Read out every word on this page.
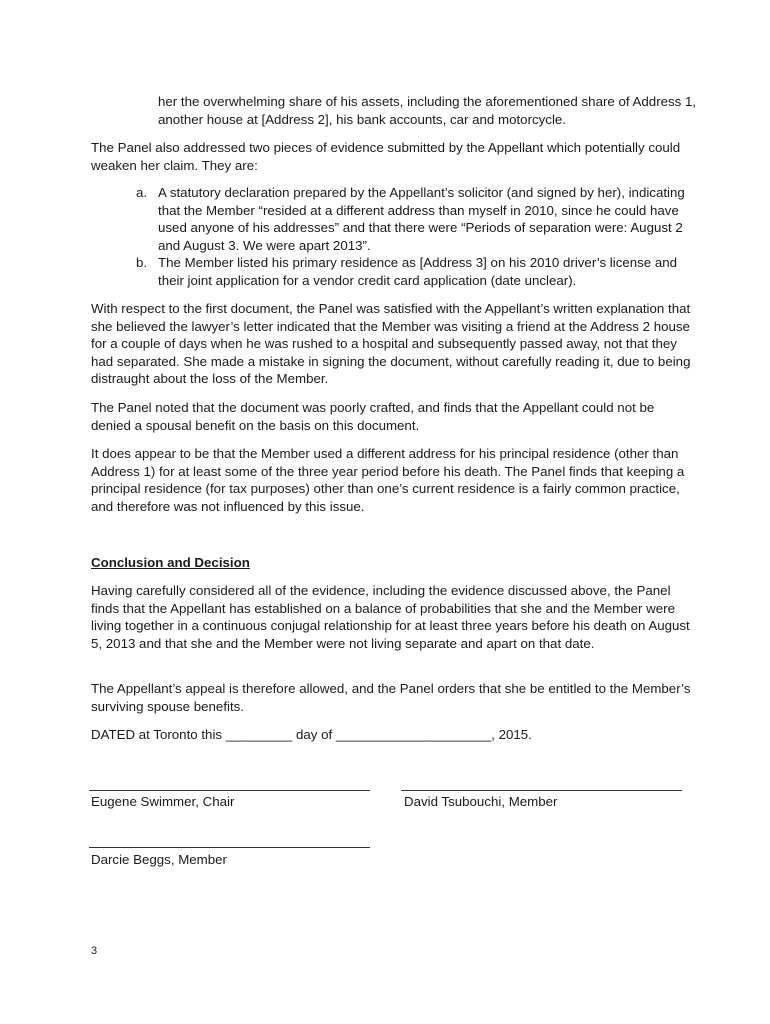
her the overwhelming share of his assets, including the aforementioned share of Address 1, another house at [Address 2], his bank accounts, car and motorcycle.
The Panel also addressed two pieces of evidence submitted by the Appellant which potentially could weaken her claim. They are:
a. A statutory declaration prepared by the Appellant’s solicitor (and signed by her), indicating that the Member “resided at a different address than myself in 2010, since he could have used anyone of his addresses” and that there were “Periods of separation were: August 2 and August 3. We were apart 2013”.
b. The Member listed his primary residence as [Address 3] on his 2010 driver’s license and their joint application for a vendor credit card application (date unclear).
With respect to the first document, the Panel was satisfied with the Appellant’s written explanation that she believed the lawyer’s letter indicated that the Member was visiting a friend at the Address 2 house for a couple of days when he was rushed to a hospital and subsequently passed away, not that they had separated. She made a mistake in signing the document, without carefully reading it, due to being distraught about the loss of the Member.
The Panel noted that the document was poorly crafted, and finds that the Appellant could not be denied a spousal benefit on the basis on this document.
It does appear to be that the Member used a different address for his principal residence (other than Address 1) for at least some of the three year period before his death. The Panel finds that keeping a principal residence (for tax purposes) other than one’s current residence is a fairly common practice, and therefore was not influenced by this issue.
Conclusion and Decision
Having carefully considered all of the evidence, including the evidence discussed above, the Panel finds that the Appellant has established on a balance of probabilities that she and the Member were living together in a continuous conjugal relationship for at least three years before his death on August 5, 2013 and that she and the Member were not living separate and apart on that date.
The Appellant’s appeal is therefore allowed, and the Panel orders that she be entitled to the Member’s surviving spouse benefits.
DATED at Toronto this _________ day of _____________________, 2015.
Eugene Swimmer, Chair	David Tsubouchi, Member
Darcie Beggs, Member
3
